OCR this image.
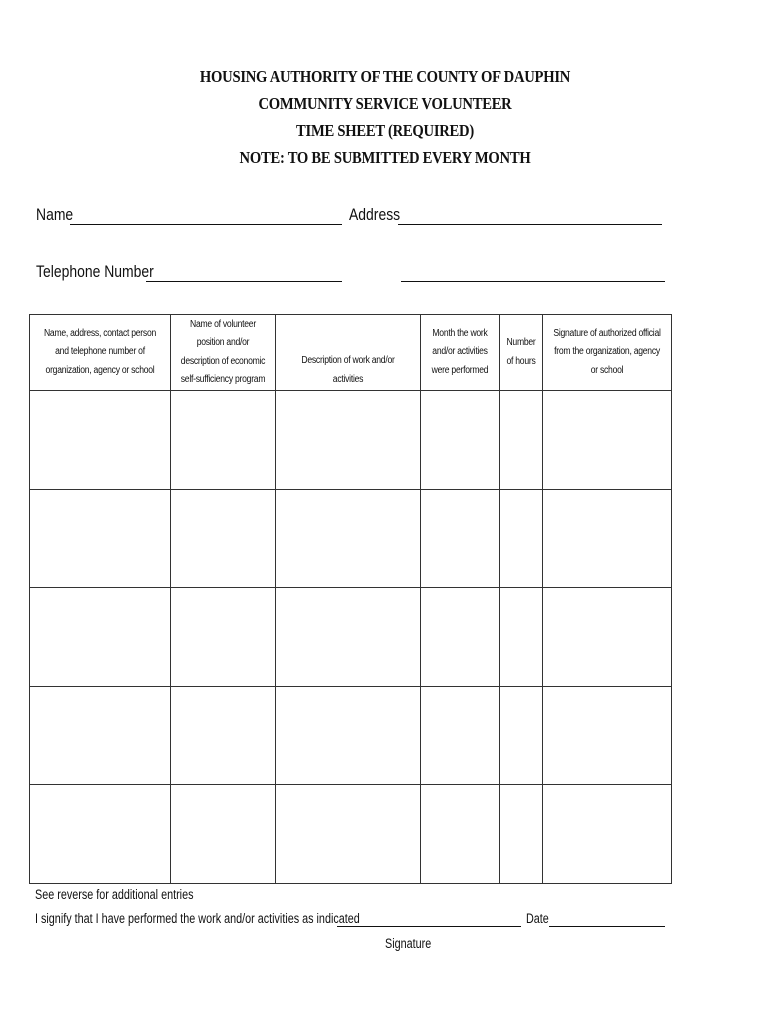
HOUSING AUTHORITY OF THE COUNTY OF DAUPHIN
COMMUNITY SERVICE VOLUNTEER
TIME SHEET (REQUIRED)
NOTE: TO BE SUBMITTED EVERY MONTH
Name	Address
Telephone Number
Name, address, contact person and telephone number of organization, agency or school	Name of volunteer position and/or description of economic self-sufficiency program	Description of work and/or activities	Month the work and/or activities were performed	Number of hours	Signature of authorized official from the organization, agency or school

See reverse for additional entries
I signify that I have performed the work and/or activities as indicated	Date
Signature
